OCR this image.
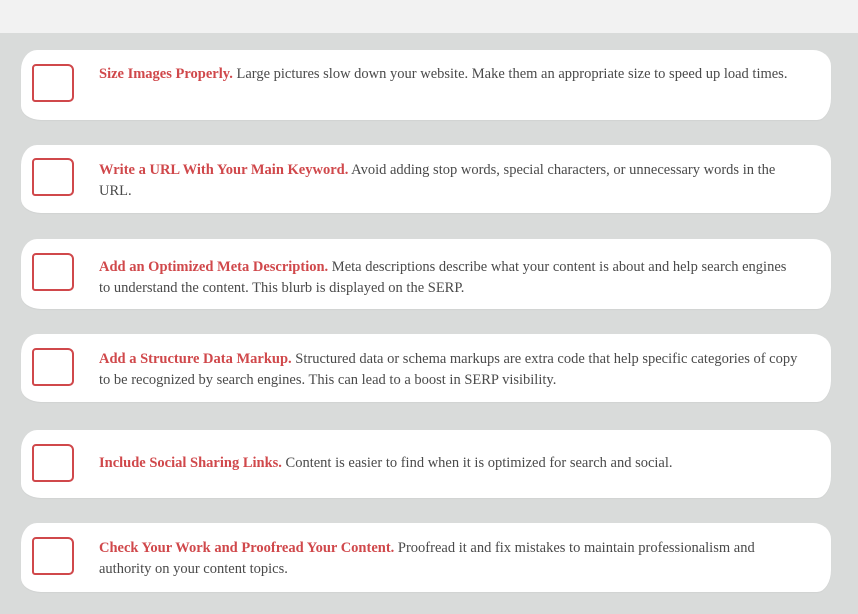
Size Images Properly. Large pictures slow down your website. Make them an appropriate size to speed up load times.
Write a URL With Your Main Keyword. Avoid adding stop words, special characters, or unnecessary words in the URL.
Add an Optimized Meta Description. Meta descriptions describe what your content is about and help search engines to understand the content. This blurb is displayed on the SERP.
Add a Structure Data Markup. Structured data or schema markups are extra code that help specific categories of copy to be recognized by search engines. This can lead to a boost in SERP visibility.
Include Social Sharing Links. Content is easier to find when it is optimized for search and social.
Check Your Work and Proofread Your Content. Proofread it and fix mistakes to maintain professionalism and authority on your content topics.
